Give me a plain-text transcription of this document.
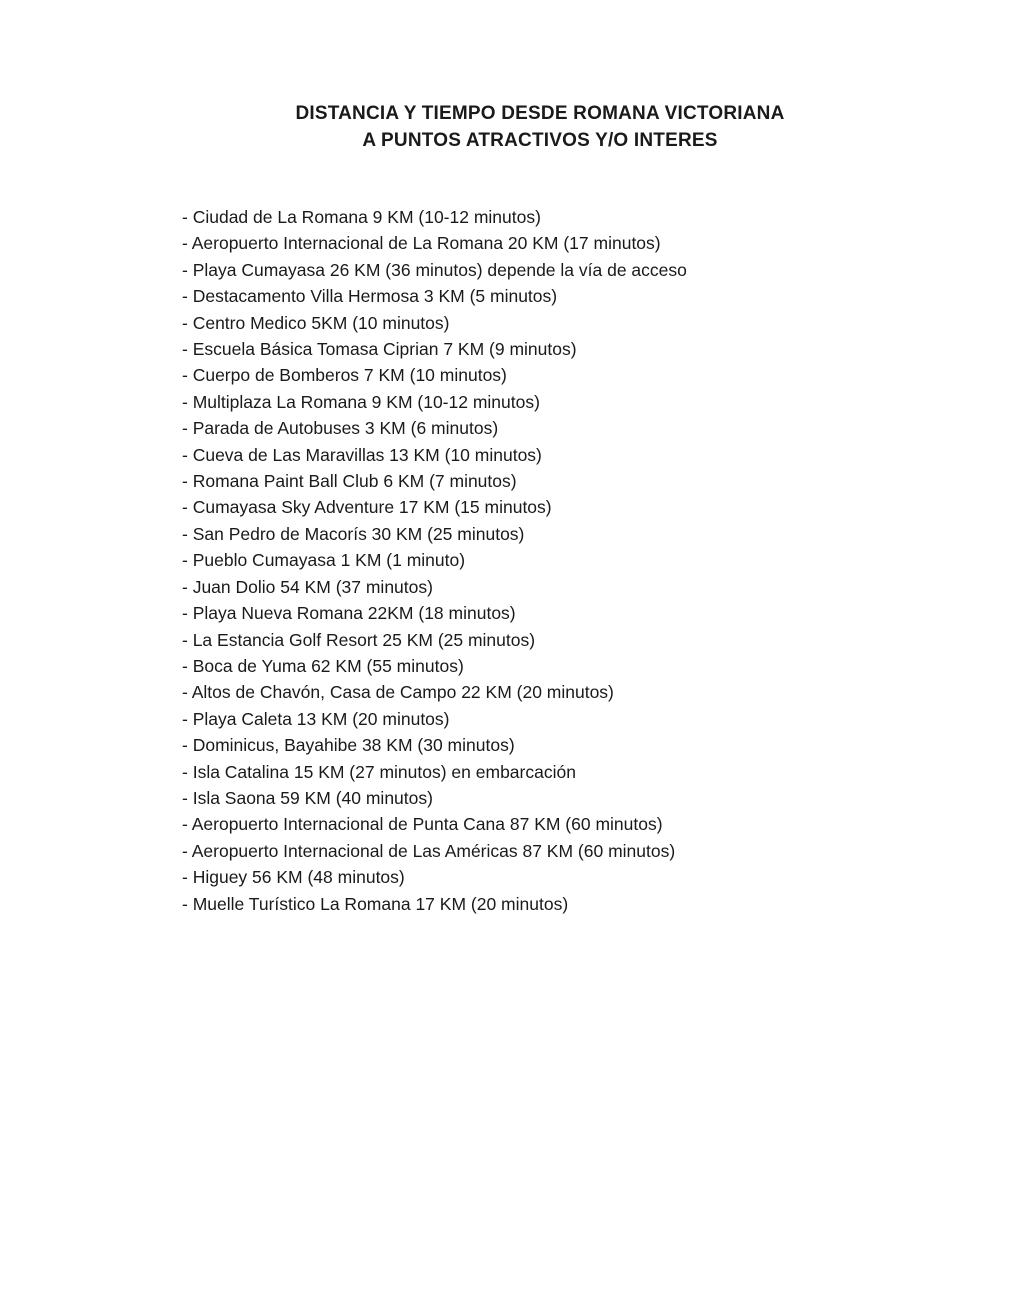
DISTANCIA Y TIEMPO DESDE ROMANA VICTORIANA
A PUNTOS ATRACTIVOS Y/O INTERES
- Ciudad de La Romana 9 KM (10-12 minutos)
- Aeropuerto Internacional de La Romana 20 KM (17 minutos)
- Playa Cumayasa 26 KM (36 minutos) depende la vía de acceso
- Destacamento Villa Hermosa 3 KM (5 minutos)
- Centro Medico 5KM (10 minutos)
- Escuela Básica Tomasa Ciprian 7 KM (9 minutos)
- Cuerpo de Bomberos 7 KM (10 minutos)
- Multiplaza La Romana 9 KM (10-12 minutos)
- Parada de Autobuses 3 KM (6 minutos)
- Cueva de Las Maravillas 13 KM (10 minutos)
- Romana Paint Ball Club 6 KM (7 minutos)
- Cumayasa Sky Adventure 17 KM (15 minutos)
- San Pedro de Macorís 30 KM (25 minutos)
- Pueblo Cumayasa 1 KM (1 minuto)
- Juan Dolio 54 KM (37 minutos)
- Playa Nueva Romana 22KM (18 minutos)
- La Estancia Golf Resort 25 KM (25 minutos)
- Boca de Yuma 62 KM (55 minutos)
- Altos de Chavón, Casa de Campo 22 KM (20 minutos)
- Playa Caleta 13 KM (20 minutos)
- Dominicus, Bayahibe 38 KM (30 minutos)
- Isla Catalina 15 KM (27 minutos) en embarcación
- Isla Saona 59 KM (40 minutos)
- Aeropuerto Internacional de Punta Cana 87 KM (60 minutos)
- Aeropuerto Internacional de Las Américas 87 KM (60 minutos)
- Higuey 56 KM (48 minutos)
- Muelle Turístico La Romana 17 KM (20 minutos)
